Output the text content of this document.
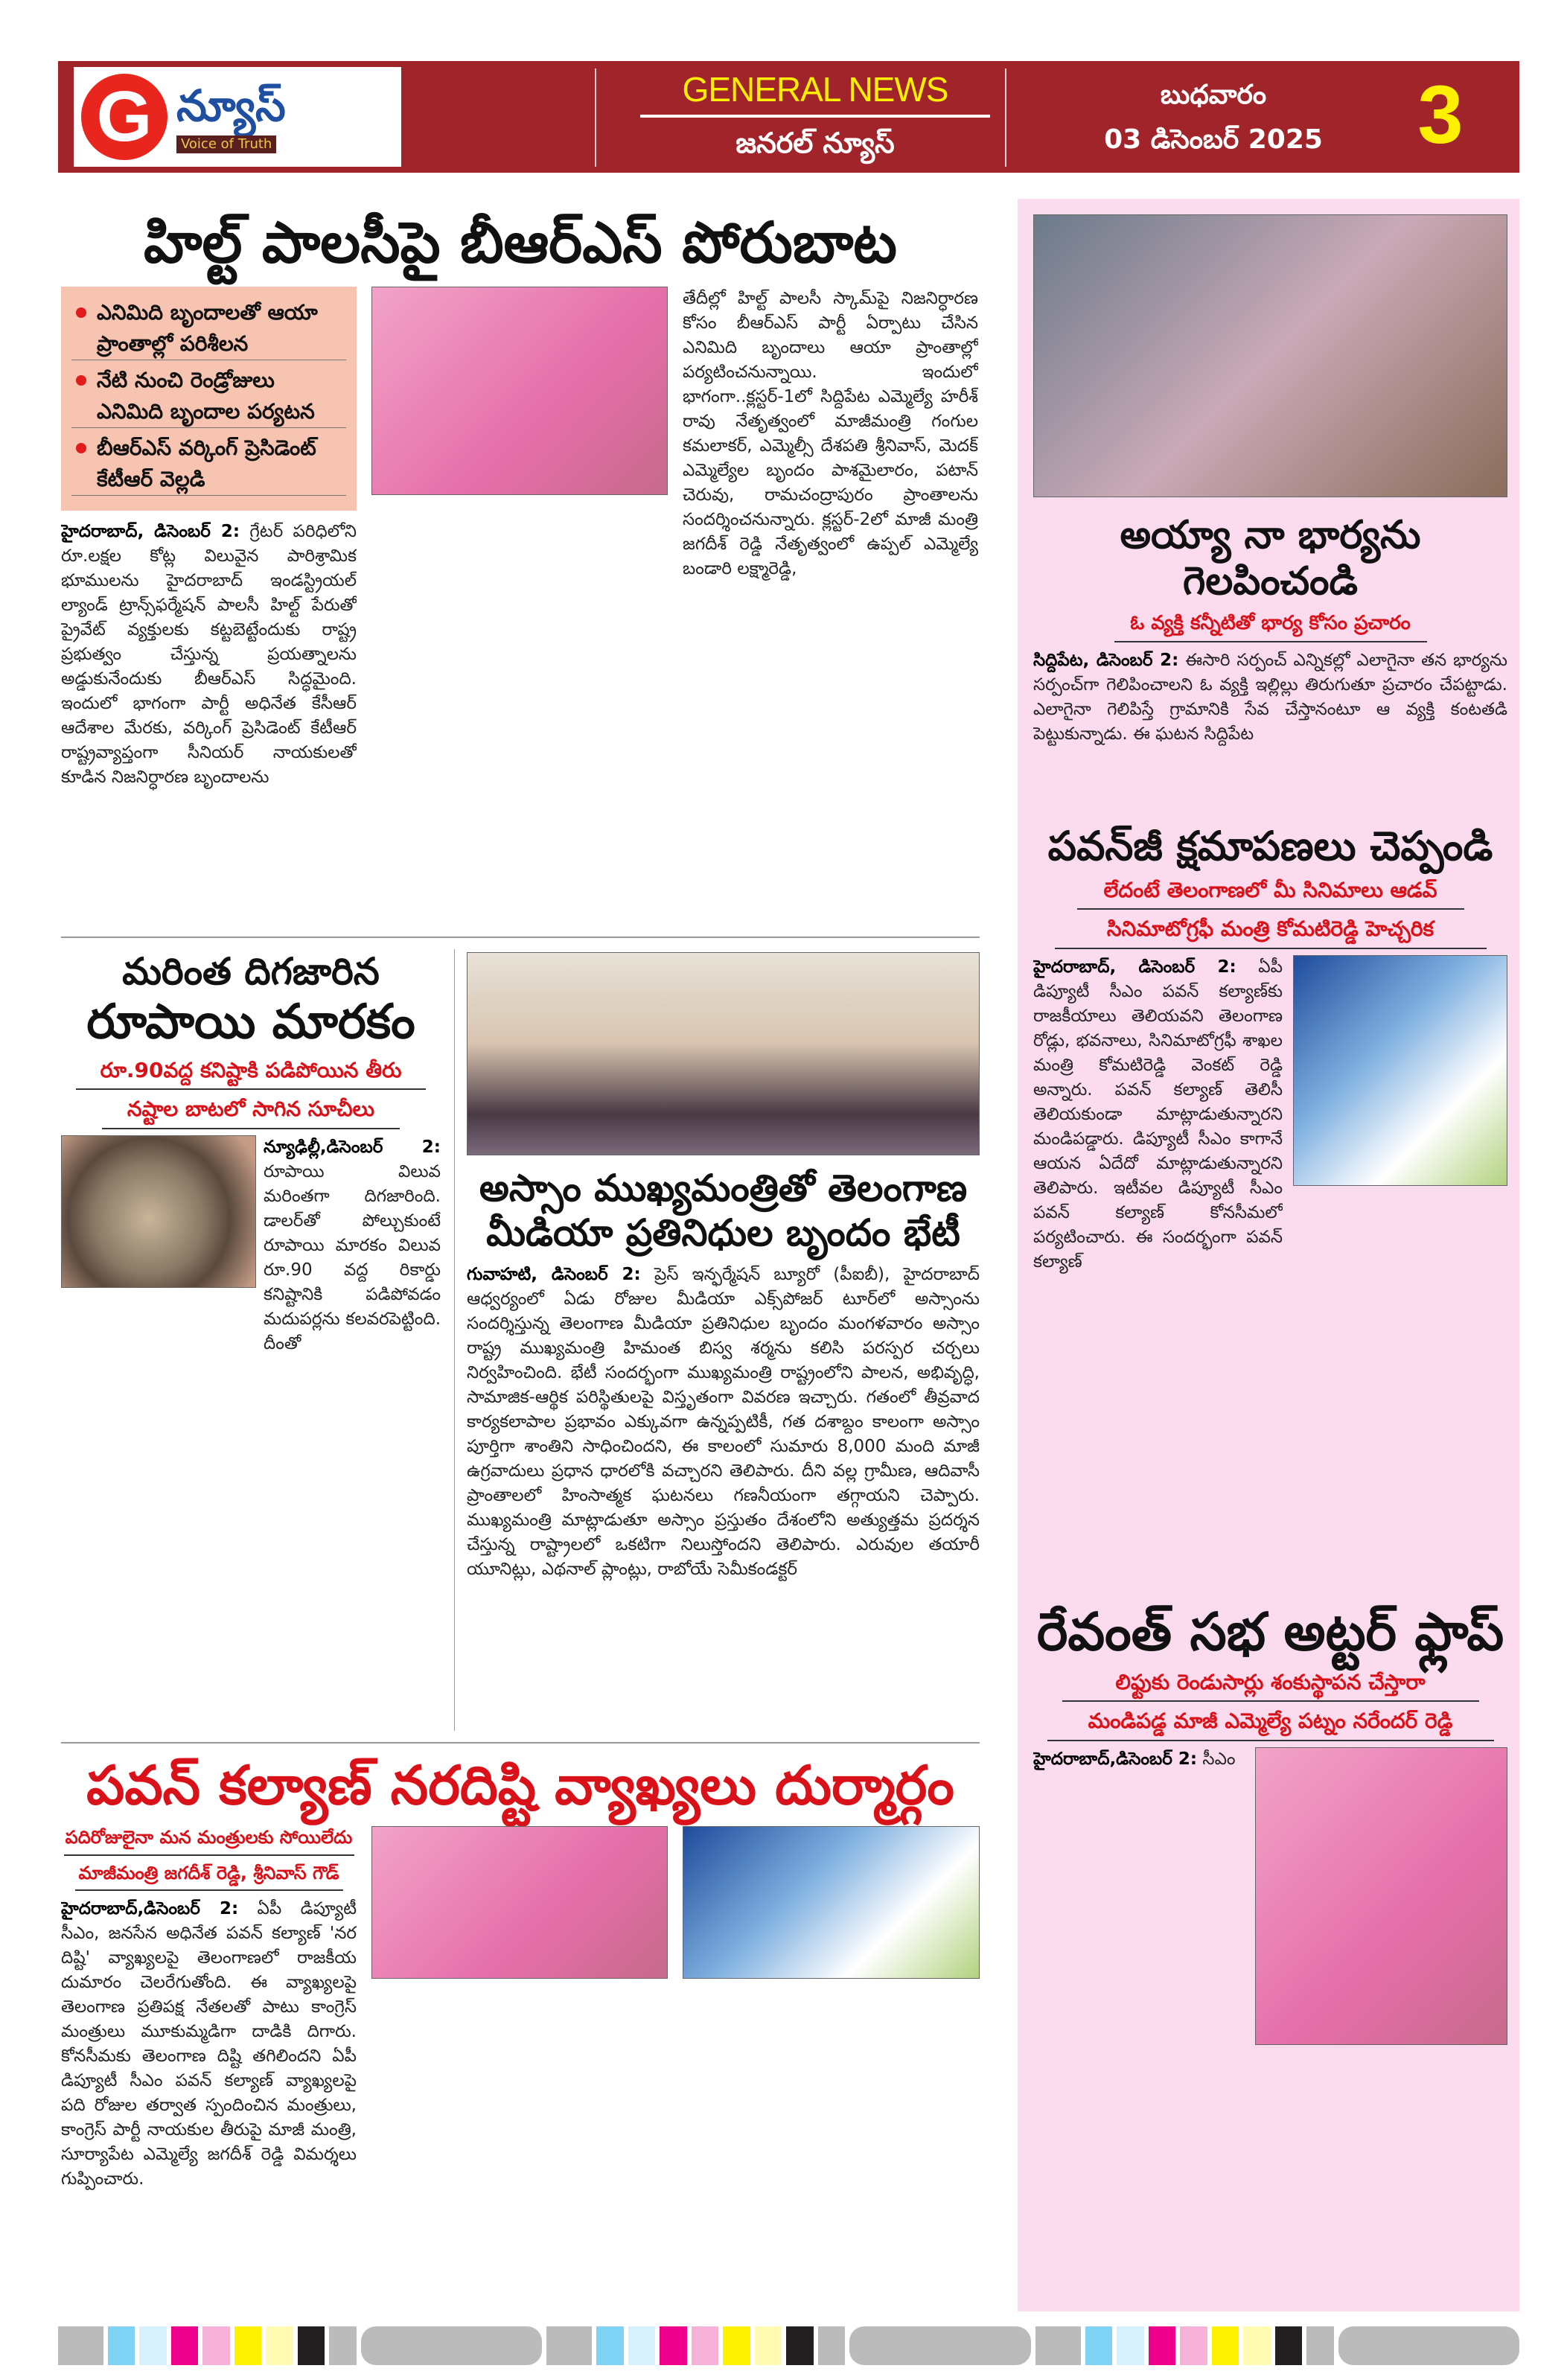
G న్యూస్
Voice of Truth
GENERAL NEWS
జనరల్ న్యూస్
బుధవారం
03 డిసెంబర్ 2025	3
హిల్ట్ పాలసీపై బీఆర్ఎస్ పోరుబాట
ఎనిమిది బృందాలతో ఆయా ప్రాంతాల్లో పరిశీలన
నేటి నుంచి రెండ్రోజులు ఎనిమిది బృందాల పర్యటన
బీఆర్ఎస్ వర్కింగ్ ప్రెసిడెంట్ కేటీఆర్ వెల్లడి
హైదరాబాద్, డిసెంబర్ 2: గ్రేటర్ పరిధిలోని రూ.లక్షల కోట్ల విలువైన పారిశ్రామిక భూములను హైదరాబాద్ ఇండస్ట్రియల్ ల్యాండ్ ట్రాన్స్‌ఫర్మేషన్ పాలసీ హిల్ట్ పేరుతో ప్రైవేట్ వ్యక్తులకు కట్టబెట్టేందుకు రాష్ట్ర ప్రభుత్వం చేస్తున్న ప్రయత్నాలను అడ్డుకునేందుకు బీఆర్ఎస్ సిద్ధమైంది. ఇందులో భాగంగా పార్టీ అధినేత కేసీఆర్ ఆదేశాల మేరకు, వర్కింగ్ ప్రెసిడెంట్ కేటీఆర్ రాష్ట్రవ్యాప్తంగా సీనియర్ నాయకులతో కూడిన నిజనిర్ధారణ బృందాలను
తేదీల్లో హిల్ట్ పాలసీ స్కామ్‌పై నిజనిర్ధారణ కోసం బీఆర్ఎస్ పార్టీ ఏర్పాటు చేసిన ఎనిమిది బృందాలు ఆయా ప్రాంతాల్లో పర్యటించనున్నాయి. ఇందులో భాగంగా..క్లస్టర్-1లో సిద్దిపేట ఎమ్మెల్యే హరీశ్ రావు నేతృత్వంలో మాజీమంత్రి గంగుల కమలాకర్, ఎమ్మెల్సీ దేశపతి శ్రీనివాస్, మెదక్ ఎమ్మెల్యేల బృందం పాశమైలారం, పటాన్ చెరువు, రామచంద్రాపురం ప్రాంతాలను సందర్శించనున్నారు. క్లస్టర్-2లో మాజీ మంత్రి జగదీశ్ రెడ్డి నేతృత్వంలో ఉప్పల్ ఎమ్మెల్యే బండారి లక్ష్మారెడ్డి,
మరింత దిగజారిన
రూపాయి మారకం
రూ.90వద్ద కనిష్టాకి పడిపోయిన తీరు
నష్టాల బాటలో సాగిన సూచీలు
న్యూఢిల్లీ,డిసెంబర్ 2: రూపాయి విలువ మరింతగా దిగజారింది. డాలర్‌తో పోల్చుకుంటే రూపాయి మారకం విలువ రూ.90 వద్ద రికార్డు కనిష్టానికి పడిపోవడం మదుపర్లను కలవరపెట్టింది. దీంతో
అస్సాం ముఖ్యమంత్రితో తెలంగాణ మీడియా ప్రతినిధుల బృందం భేటీ
గువాహటి, డిసెంబర్ 2: ప్రెస్ ఇన్ఫర్మేషన్ బ్యూరో (పీఐబీ), హైదరాబాద్ ఆధ్వర్యంలో ఏడు రోజుల మీడియా ఎక్స్‌పోజర్ టూర్‌లో అస్సాంను సందర్శిస్తున్న తెలంగాణ మీడియా ప్రతినిధుల బృందం మంగళవారం అస్సాం రాష్ట్ర ముఖ్యమంత్రి హిమంత బిస్వ శర్మను కలిసి పరస్పర చర్చలు నిర్వహించింది. భేటీ సందర్భంగా ముఖ్యమంత్రి రాష్ట్రంలోని పాలన, అభివృద్ధి, సామాజిక-ఆర్థిక పరిస్థితులపై విస్తృతంగా వివరణ ఇచ్చారు. గతంలో తీవ్రవాద కార్యకలాపాల ప్రభావం ఎక్కువగా ఉన్నప్పటికీ, గత దశాబ్దం కాలంగా అస్సాం పూర్తిగా శాంతిని సాధించిందని, ఈ కాలంలో సుమారు 8,000 మంది మాజీ ఉగ్రవాదులు ప్రధాన ధారలోకి వచ్చారని తెలిపారు. దీని వల్ల గ్రామీణ, ఆదివాసీ ప్రాంతాలలో హింసాత్మక ఘటనలు గణనీయంగా తగ్గాయని చెప్పారు. ముఖ్యమంత్రి మాట్లాడుతూ అస్సాం ప్రస్తుతం దేశంలోని అత్యుత్తమ ప్రదర్శన చేస్తున్న రాష్ట్రాలలో ఒకటిగా నిలుస్తోందని తెలిపారు. ఎరువుల తయారీ యూనిట్లు, ఎథనాల్ ప్లాంట్లు, రాబోయే సెమీకండక్టర్
పవన్ కల్యాణ్ నరదిష్టి వ్యాఖ్యలు దుర్మార్గం
పదిరోజులైనా మన మంత్రులకు సోయిలేదు
మాజీమంత్రి జగదీశ్ రెడ్డి, శ్రీనివాస్ గౌడ్
హైదరాబాద్,డిసెంబర్ 2: ఏపీ డిప్యూటీ సీఎం, జనసేన అధినేత పవన్ కల్యాణ్ 'నర దిష్టి' వ్యాఖ్యలపై తెలంగాణలో రాజకీయ దుమారం చెలరేగుతోంది. ఈ వ్యాఖ్యలపై తెలంగాణ ప్రతిపక్ష నేతలతో పాటు కాంగ్రెస్ మంత్రులు మూకుమ్మడిగా దాడికి దిగారు. కోనసీమకు తెలంగాణ దిష్టి తగిలిందని ఏపీ డిప్యూటీ సీఎం పవన్ కల్యాణ్ వ్యాఖ్యలపై పది రోజుల తర్వాత స్పందించిన మంత్రులు, కాంగ్రెస్ పార్టీ నాయకుల తీరుపై మాజీ మంత్రి, సూర్యాపేట ఎమ్మెల్యే జగదీశ్ రెడ్డి విమర్శలు గుప్పించారు.
అయ్యా నా భార్యను గెలపించండి
ఓ వ్యక్తి కన్నీటితో భార్య కోసం ప్రచారం
సిద్దిపేట, డిసెంబర్ 2: ఈసారి సర్పంచ్ ఎన్నికల్లో ఎలాగైనా తన భార్యను సర్పంచ్‌గా గెలిపించాలని ఓ వ్యక్తి ఇల్లిల్లు తిరుగుతూ ప్రచారం చేపట్టాడు. ఎలాగైనా గెలిపిస్తే గ్రామానికి సేవ చేస్తానంటూ ఆ వ్యక్తి కంటతడి పెట్టుకున్నాడు. ఈ ఘటన సిద్దిపేట
పవన్‌జీ క్షమాపణలు చెప్పండి
లేదంటే తెలంగాణలో మీ సినిమాలు ఆడవ్
సినిమాటోగ్రఫీ మంత్రి కోమటిరెడ్డి హెచ్చరిక
హైదరాబాద్, డిసెంబర్ 2: ఏపీ డిప్యూటీ సీఎం పవన్ కల్యాణ్‌కు రాజకీయాలు తెలియవని తెలంగాణ రోడ్లు, భవనాలు, సినిమాటోగ్రఫీ శాఖల మంత్రి కోమటిరెడ్డి వెంకట్ రెడ్డి అన్నారు. పవన్ కల్యాణ్ తెలిసీ తెలియకుండా మాట్లాడుతున్నారని మండిపడ్డారు. డిప్యూటీ సీఎం కాగానే ఆయన ఏదేదో మాట్లాడుతున్నారని తెలిపారు. ఇటీవల డిప్యూటీ సీఎం పవన్ కల్యాణ్ కోనసీమలో పర్యటించారు. ఈ సందర్భంగా పవన్ కల్యాణ్
రేవంత్ సభ అట్టర్ ఫ్లాప్
లిఫ్టుకు రెండుసార్లు శంకుస్థాపన చేస్తారా
మండిపడ్డ మాజీ ఎమ్మెల్యే పట్నం నరేందర్ రెడ్డి
హైదరాబాద్,డిసెంబర్ 2: సీఎం
